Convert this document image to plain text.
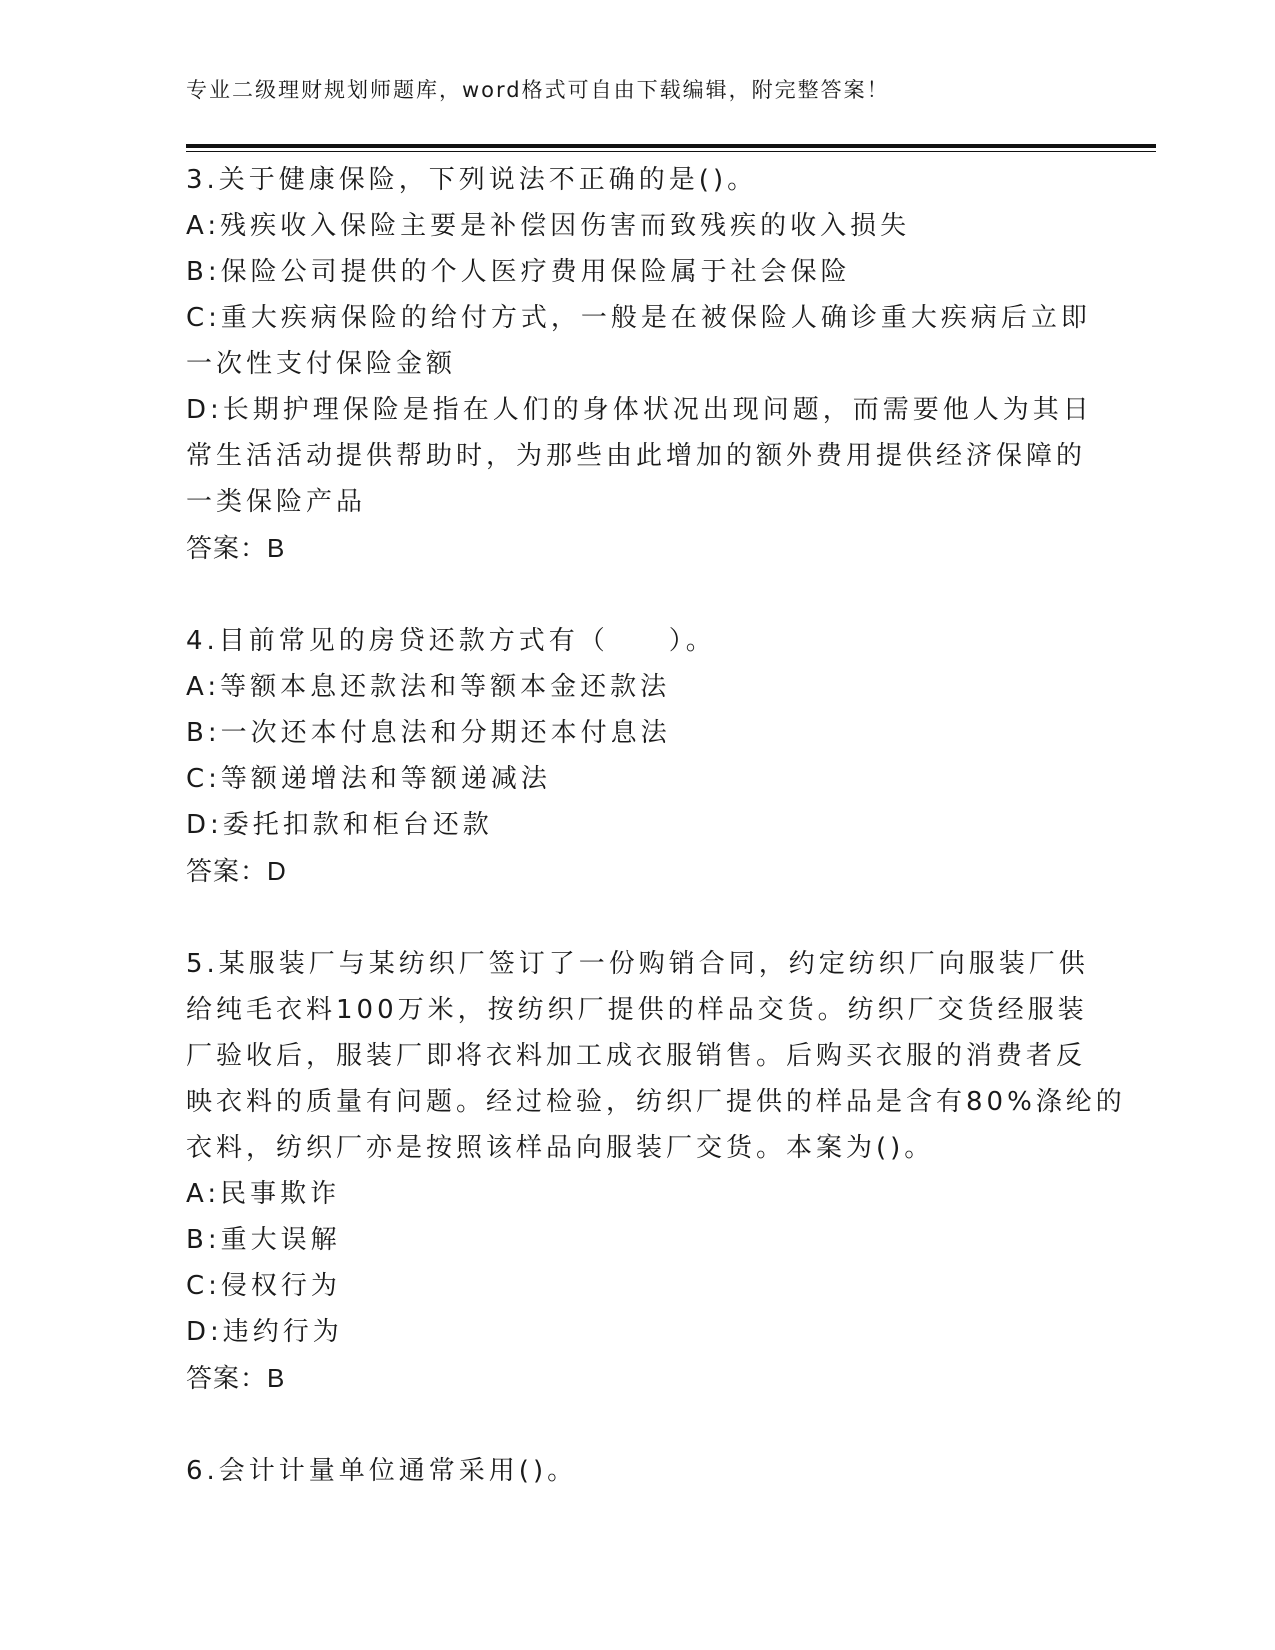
专业二级理财规划师题库，word格式可自由下载编辑，附完整答案！
3.关于健康保险，下列说法不正确的是()。
A:残疾收入保险主要是补偿因伤害而致残疾的收入损失
B:保险公司提供的个人医疗费用保险属于社会保险
C:重大疾病保险的给付方式，一般是在被保险人确诊重大疾病后立即
一次性支付保险金额
D:长期护理保险是指在人们的身体状况出现问题，而需要他人为其日
常生活活动提供帮助时，为那些由此增加的额外费用提供经济保障的
一类保险产品
答案：B
4.目前常见的房贷还款方式有（　　）。
A:等额本息还款法和等额本金还款法
B:一次还本付息法和分期还本付息法
C:等额递增法和等额递减法
D:委托扣款和柜台还款
答案：D
5.某服装厂与某纺织厂签订了一份购销合同，约定纺织厂向服装厂供
给纯毛衣料100万米，按纺织厂提供的样品交货。纺织厂交货经服装
厂验收后，服装厂即将衣料加工成衣服销售。后购买衣服的消费者反
映衣料的质量有问题。经过检验，纺织厂提供的样品是含有80%涤纶的
衣料，纺织厂亦是按照该样品向服装厂交货。本案为()。
A:民事欺诈
B:重大误解
C:侵权行为
D:违约行为
答案：B
6.会计计量单位通常采用()。
